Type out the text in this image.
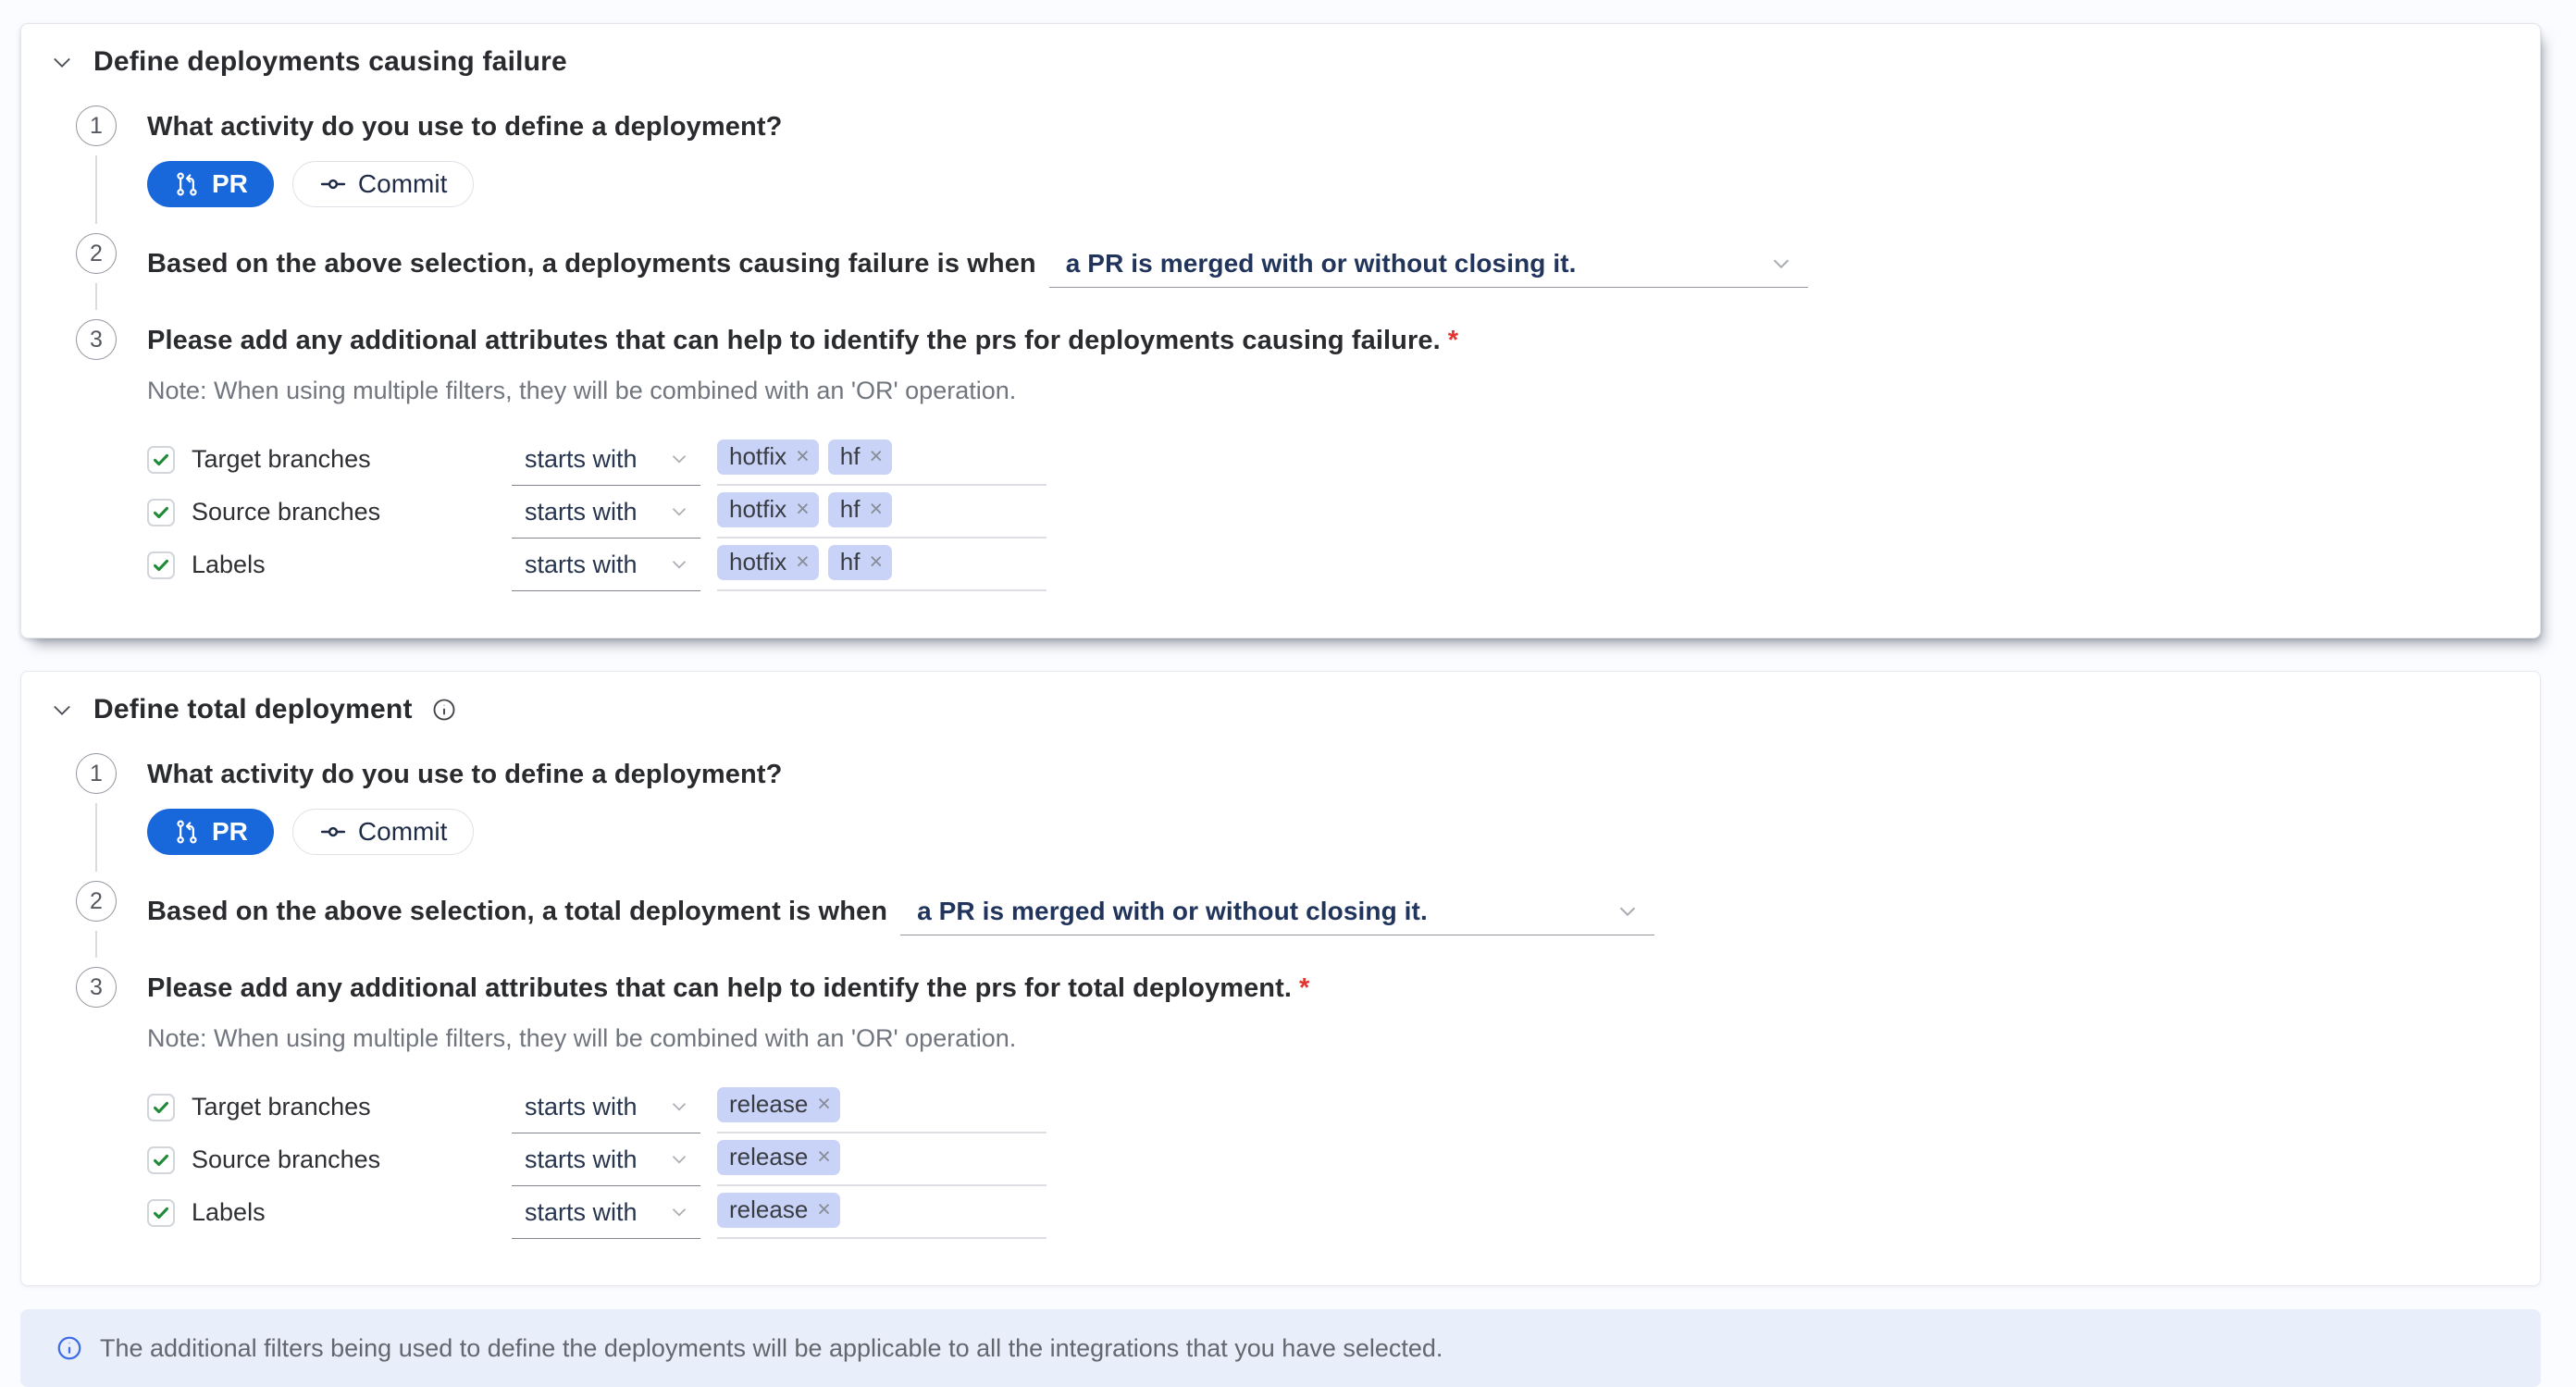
Define deployments causing failure
1	What activity do you use to define a deployment?
PR	Commit
2	Based on the above selection, a deployments causing failure is when a PR is merged with or without closing it.
3	Please add any additional attributes that can help to identify the prs for deployments causing failure. *
Note: When using multiple filters, they will be combined with an 'OR' operation.
Target branches	starts with	hotfix × hf ×
Source branches	starts with	hotfix × hf ×
Labels	starts with	hotfix × hf ×
Define total deployment
1	What activity do you use to define a deployment?
PR	Commit
2	Based on the above selection, a total deployment is when a PR is merged with or without closing it.
3	Please add any additional attributes that can help to identify the prs for total deployment. *
Note: When using multiple filters, they will be combined with an 'OR' operation.
Target branches	starts with	release ×
Source branches	starts with	release ×
Labels	starts with	release ×
The additional filters being used to define the deployments will be applicable to all the integrations that you have selected.
